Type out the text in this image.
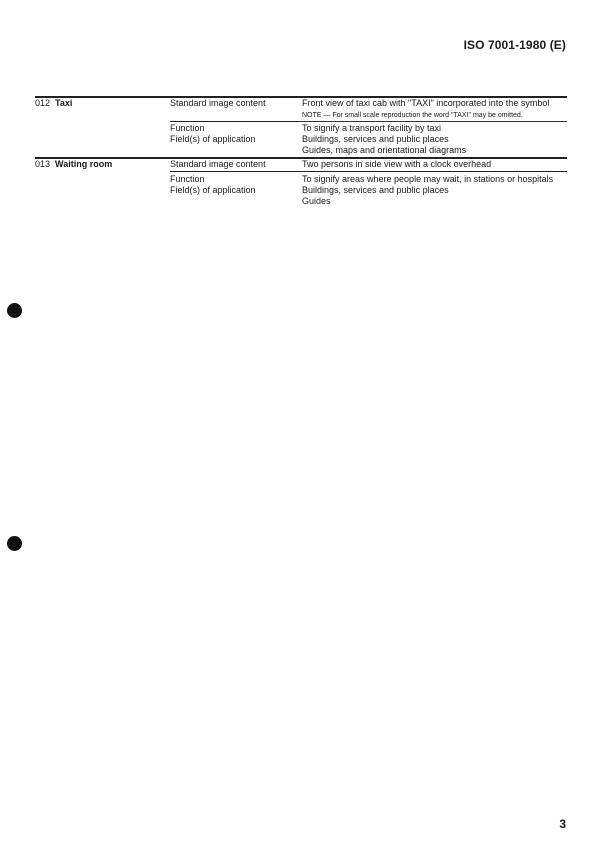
ISO 7001-1980 (E)
012 Taxi	Standard image content	Front view of taxi cab with "TAXI" incorporated into the symbol
NOTE — For small scale reproduction the word "TAXI" may be omitted.
Function	To signify a transport facility by taxi
Field(s) of application	Buildings, services and public places
Guides, maps and orientational diagrams
013 Waiting room	Standard image content	Two persons in side view with a clock overhead
Function	To signify areas where people may wait, in stations or hospitals
Field(s) of application	Buildings, services and public places
Guides
3
